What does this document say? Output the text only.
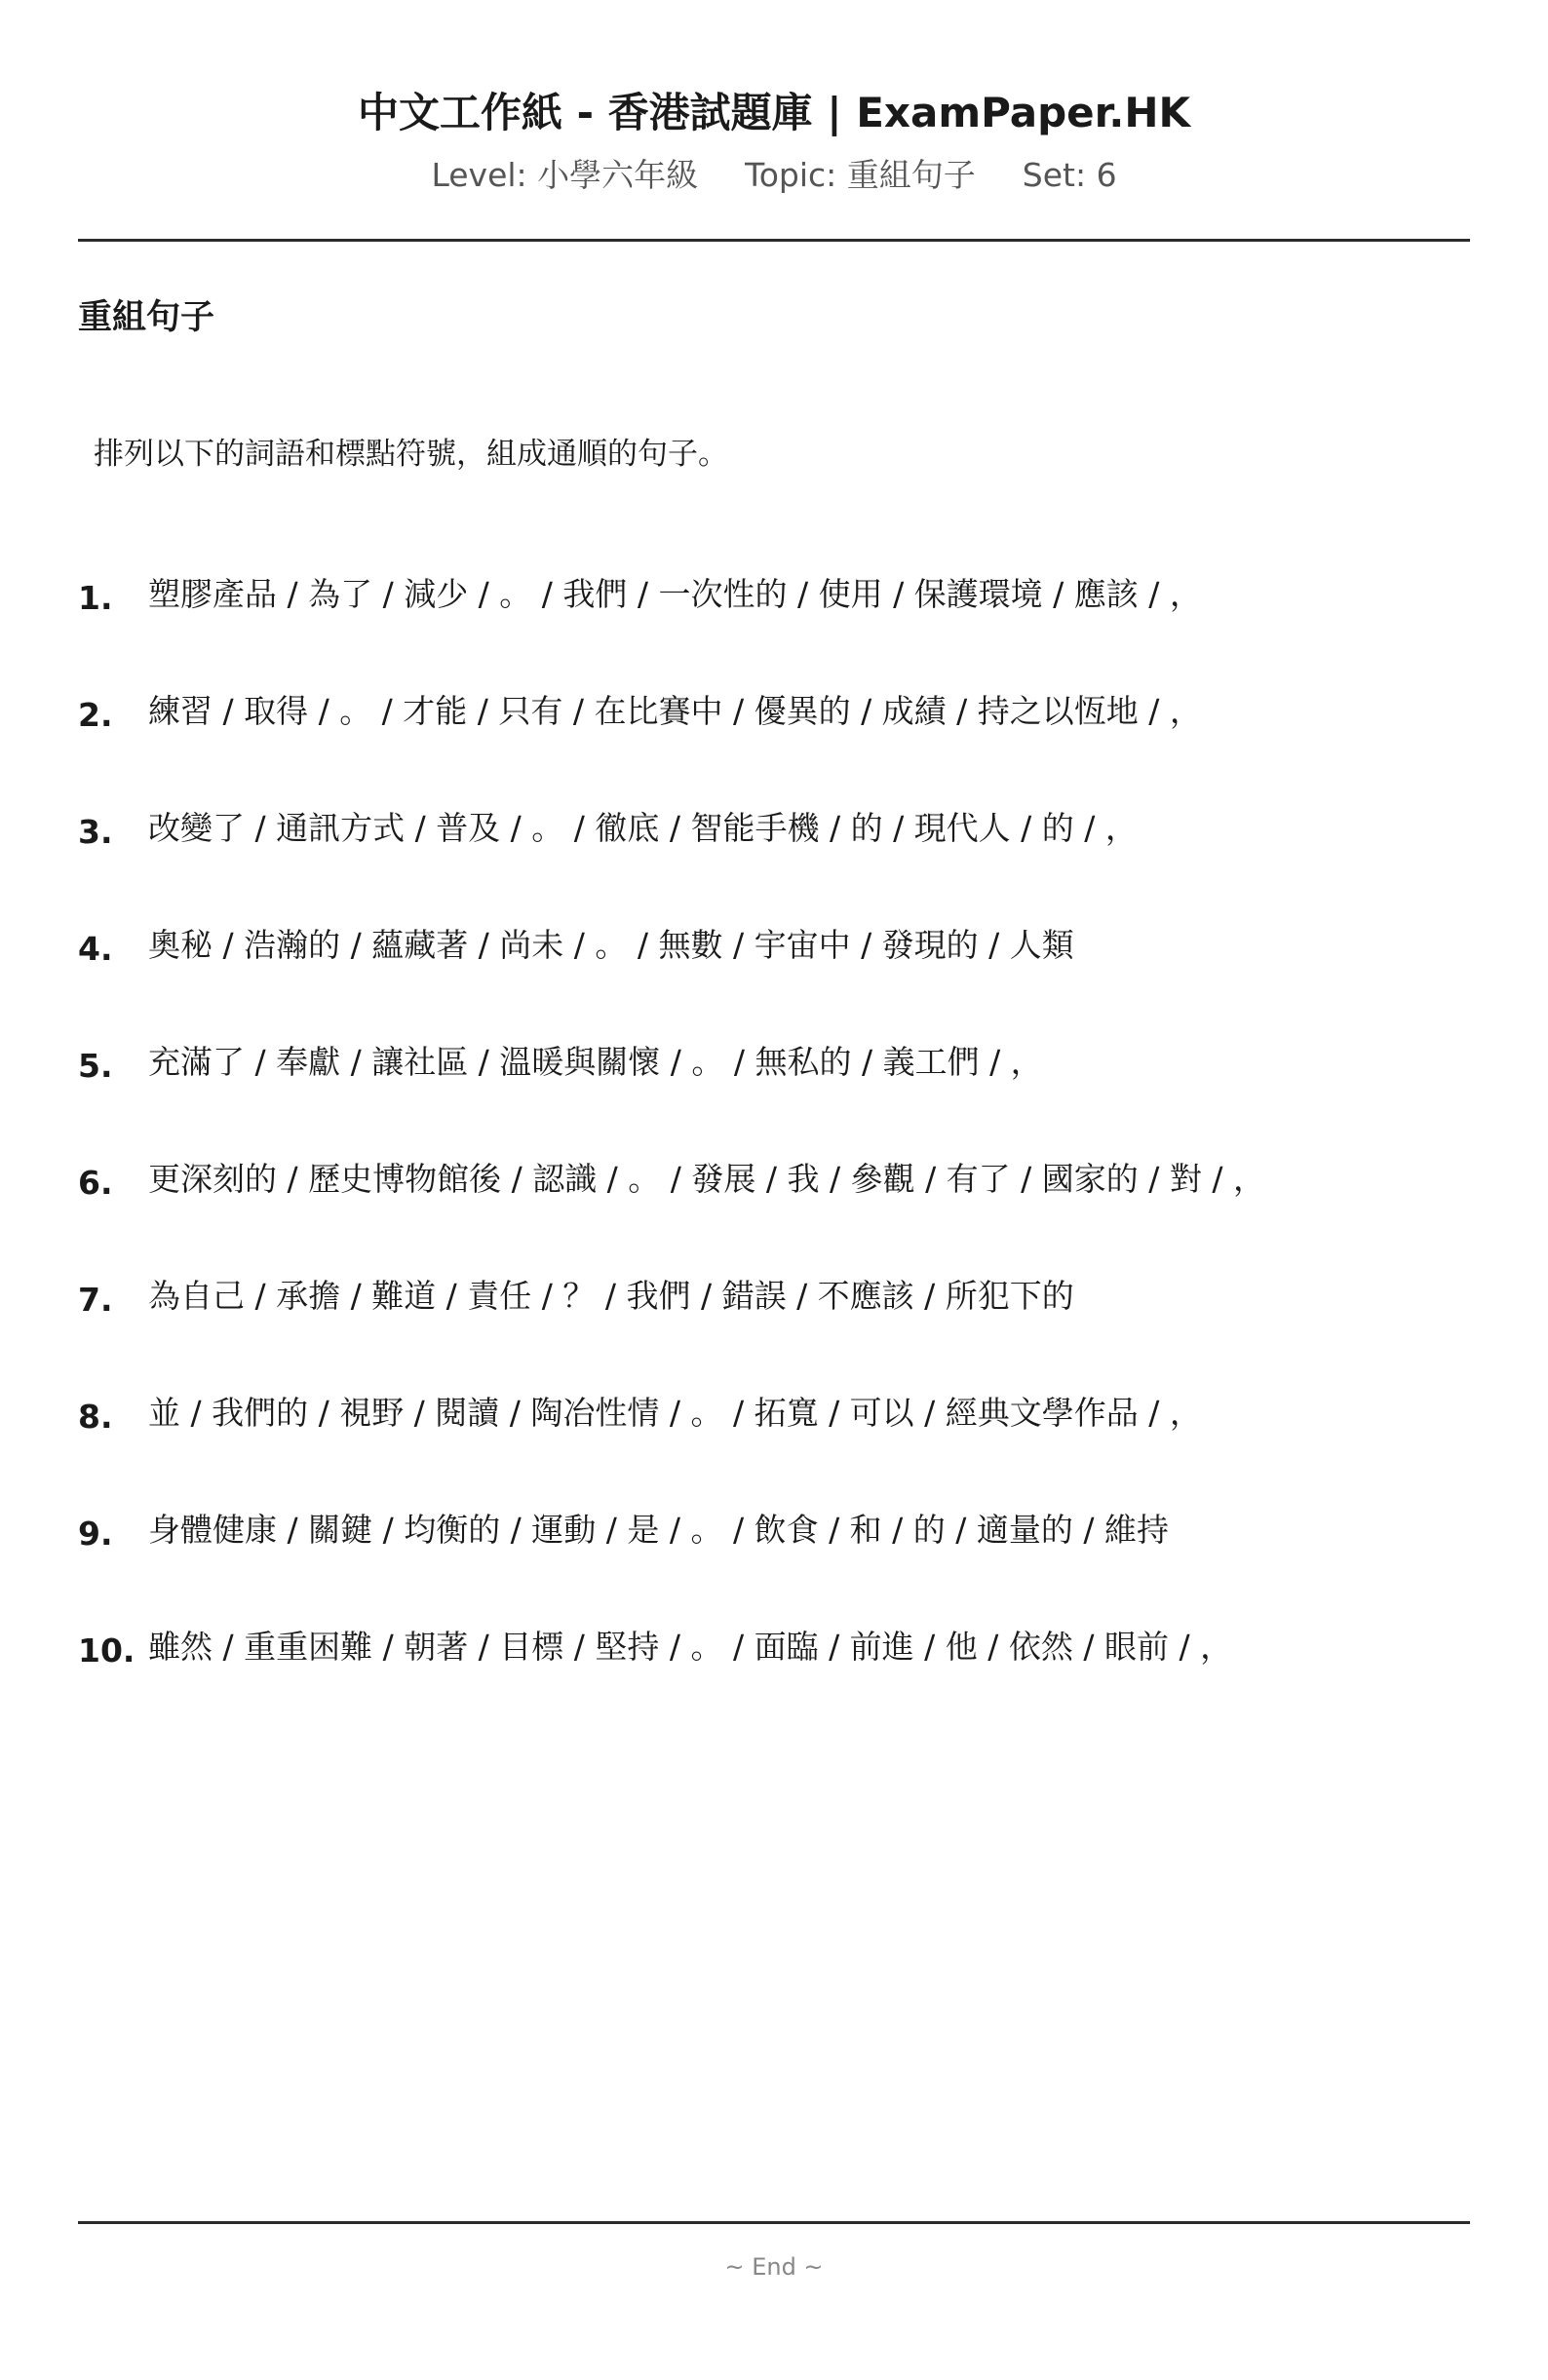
中文工作紙 - 香港試題庫 | ExamPaper.HK
Level: 小學六年級 Topic: 重組句子 Set: 6
重組句子
排列以下的詞語和標點符號，組成通順的句子。
1. 塑膠產品 / 為了 / 減少 / 。 / 我們 / 一次性的 / 使用 / 保護環境 / 應該 / ，
2. 練習 / 取得 / 。 / 才能 / 只有 / 在比賽中 / 優異的 / 成績 / 持之以恆地 / ，
3. 改變了 / 通訊方式 / 普及 / 。 / 徹底 / 智能手機 / 的 / 現代人 / 的 / ，
4. 奧秘 / 浩瀚的 / 蘊藏著 / 尚未 / 。 / 無數 / 宇宙中 / 發現的 / 人類
5. 充滿了 / 奉獻 / 讓社區 / 溫暖與關懷 / 。 / 無私的 / 義工們 / ，
6. 更深刻的 / 歷史博物館後 / 認識 / 。 / 發展 / 我 / 參觀 / 有了 / 國家的 / 對 / ，
7. 為自己 / 承擔 / 難道 / 責任 / ？ / 我們 / 錯誤 / 不應該 / 所犯下的
8. 並 / 我們的 / 視野 / 閱讀 / 陶冶性情 / 。 / 拓寬 / 可以 / 經典文學作品 / ，
9. 身體健康 / 關鍵 / 均衡的 / 運動 / 是 / 。 / 飲食 / 和 / 的 / 適量的 / 維持
10. 雖然 / 重重困難 / 朝著 / 目標 / 堅持 / 。 / 面臨 / 前進 / 他 / 依然 / 眼前 / ，
~ End ~
